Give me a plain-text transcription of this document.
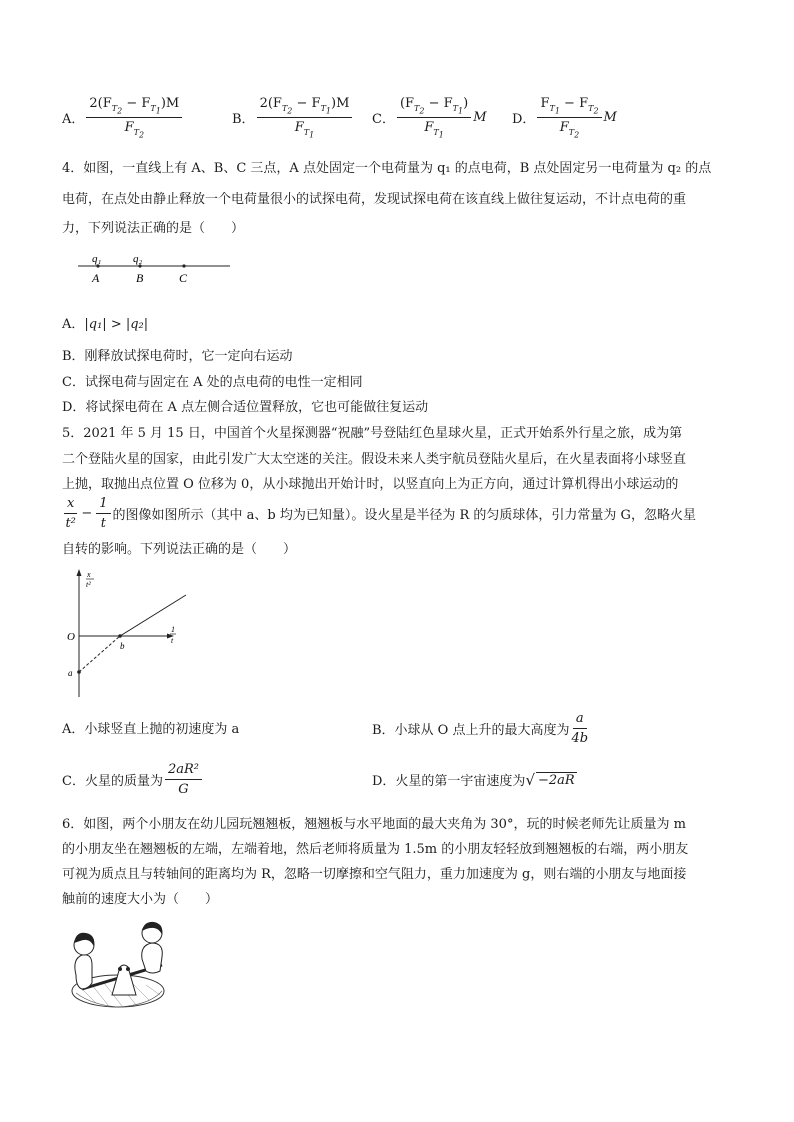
A． $\frac{2(F_{T_2} - F_{T_1})M}{F_{T_2}}$	B． $\frac{2(F_{T_2} - F_{T_1})M}{F_{T_1}}$ C． $\frac{(F_{T_2} - F_{T_1})}{F_{T_1}}$ M D． $\frac{F_{T_1} - F_{T_2}}{F_{T_2}}$ M
4．如图，一直线上有 A、B、C 三点，A 点处固定一个电荷量为 q₁ 的点电荷，B 点处固定另一电荷量为 q₂ 的点
电荷，在点处由静止释放一个电荷量很小的试探电荷，发现试探电荷在该直线上做往复运动，不计点电荷的重
力，下列说法正确的是（　　）
q₁	q₂
A	B	C
A．|q₁| > |q₂|
B．刚释放试探电荷时，它一定向右运动
C．试探电荷与固定在 A 处的点电荷的电性一定相同
D．将试探电荷在 A 点左侧合适位置释放，它也可能做往复运动
5．2021 年 5 月 15 日，中国首个火星探测器“祝融”号登陆红色星球火星，正式开始系外行星之旅，成为第
二个登陆火星的国家，由此引发广大太空迷的关注。假设未来人类宇航员登陆火星后，在火星表面将小球竖直
上抛，取抛出点位置 O 位移为 0，从小球抛出开始计时，以竖直向上为正方向，通过计算机得出小球运动的
$\frac{x}{\text{t²}} - \frac{1}{t}$ 的图像如图所示（其中 a、b 均为已知量）。设火星是半径为 R 的匀质球体，引力常量为 G，忽略火星
自转的影响。下列说法正确的是（　　）
x
t²
1
t
O
b
a
A．小球竖直上抛的初速度为 a	B．小球从 O 点上升的最大高度为 $\frac{a}{4b}$
C．火星的质量为 $\frac{\text{2aR²}}{G}$	D．火星的第一宇宙速度为 √ −2aR
6．如图，两个小朋友在幼儿园玩翘翘板，翘翘板与水平地面的最大夹角为 30°，玩的时候老师先让质量为 m
的小朋友坐在翘翘板的左端，左端着地，然后老师将质量为 1.5m 的小朋友轻轻放到翘翘板的右端，两小朋友
可视为质点且与转轴间的距离均为 R，忽略一切摩擦和空气阻力，重力加速度为 g，则右端的小朋友与地面接
触前的速度大小为（　　）
